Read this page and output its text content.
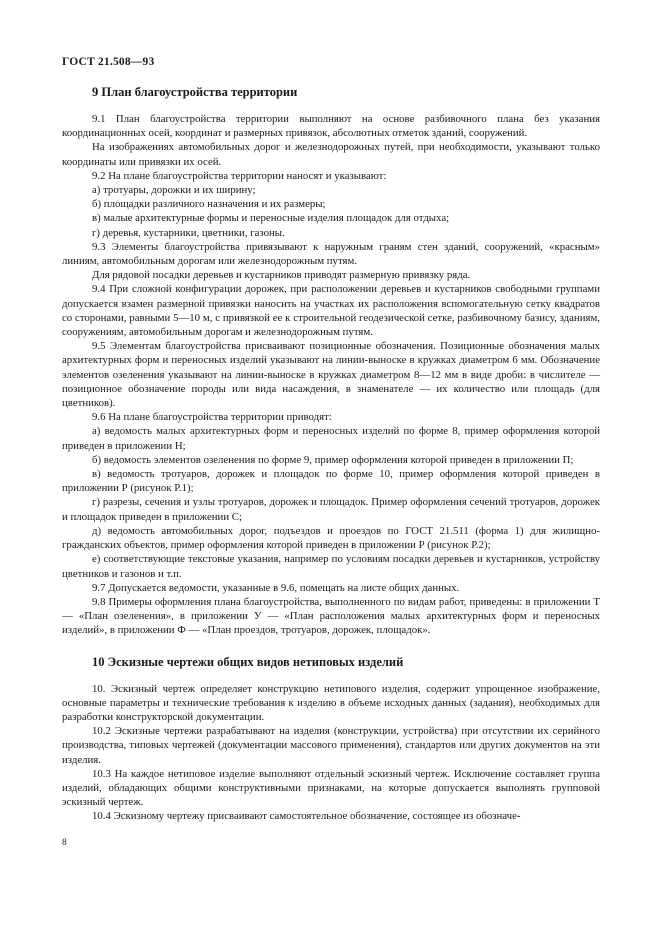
ГОСТ 21.508—93
9 План благоустройства территории

9.1 План благоустройства территории выполняют на основе разбивочного плана без указания координационных осей, координат и размерных привязок, абсолютных отметок зданий, сооружений.

На изображениях автомобильных дорог и железнодорожных путей, при необходимости, указывают только координаты или привязки их осей.

9.2 На плане благоустройства территории наносят и указывают:

а) тротуары, дорожки и их ширину;

б) площадки различного назначения и их размеры;

в) малые архитектурные формы и переносные изделия площадок для отдыха;

г) деревья, кустарники, цветники, газоны.

9.3 Элементы благоустройства привязывают к наружным граням стен зданий, сооружений, «красным» линиям, автомобильным дорогам или железнодорожным путям.

Для рядовой посадки деревьев и кустарников приводят размерную привязку ряда.

9.4 При сложной конфигурации дорожек, при расположении деревьев и кустарников свободными группами допускается взамен размерной привязки наносить на участках их расположения вспомогательную сетку квадратов со сторонами, равными 5—10 м, с привязкой ее к строительной геодезической сетке, разбивочному базису, зданиям, сооружениям, автомобильным дорогам и железнодорожным путям.

9.5 Элементам благоустройства присваивают позиционные обозначения. Позиционные обозначения малых архитектурных форм и переносных изделий указывают на линии-выноске в кружках диаметром 6 мм. Обозначение элементов озеленения указывают на линии-выноске в кружках диаметром 8—12 мм в виде дроби: в числителе — позиционное обозначение породы или вида насаждения, в знаменателе — их количество или площадь (для цветников).

9.6 На плане благоустройства территории приводят:

а) ведомость малых архитектурных форм и переносных изделий по форме 8, пример оформления которой приведен в приложении Н;

б) ведомость элементов озеленения по форме 9, пример оформления которой приведен в приложении П;

в) ведомость тротуаров, дорожек и площадок по форме 10, пример оформления которой приведен в приложении Р (рисунок Р.1);

г) разрезы, сечения и узлы тротуаров, дорожек и площадок. Пример оформления сечений тротуаров, дорожек и площадок приведен в приложении С;

д) ведомость автомобильных дорог, подъездов и проездов по ГОСТ 21.511 (форма 1) для жилищно-гражданских объектов, пример оформления которой приведен в приложении Р (рисунок Р.2);

е) соответствующие текстовые указания, например по условиям посадки деревьев и кустарников, устройству цветников и газонов и т.п.

9.7 Допускается ведомости, указанные в 9.6, помещать на листе общих данных.

9.8 Примеры оформления плана благоустройства, выполненного по видам работ, приведены: в приложении Т — «План озеленения», в приложении У — «План расположения малых архитектурных форм и переносных изделий», в приложении Ф — «План проездов, тротуаров, дорожек, площадок».

10 Эскизные чертежи общих видов нетиповых изделий

10. Эскизный чертеж определяет конструкцию нетипового изделия, содержит упрощенное изображение, основные параметры и технические требования к изделию в объеме исходных данных (задания), необходимых для разработки конструкторской документации.

10.2 Эскизные чертежи разрабатывают на изделия (конструкции, устройства) при отсутствии их серийного производства, типовых чертежей (документации массового применения), стандартов или других документов на эти изделия.

10.3 На каждое нетиповое изделие выполняют отдельный эскизный чертеж. Исключение составляет группа изделий, обладающих общими конструктивными признаками, на которые допускается выполнять групповой эскизный чертеж.

10.4 Эскизному чертежу присваивают самостоятельное обозначение, состоящее из обозначе-

8
